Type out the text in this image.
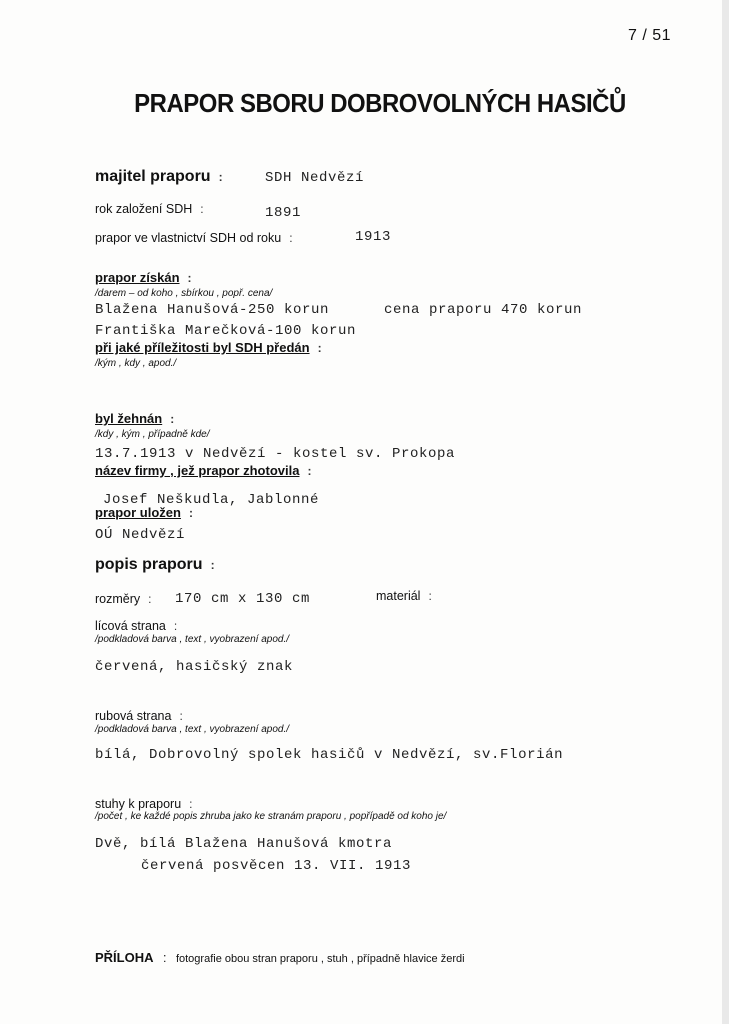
7 / 51
PRAPOR SBORU DOBROVOLNÝCH HASIČŮ
majitel praporu :	SDH Nedvězí
rok založení SDH :	1891
prapor ve vlastnictví SDH od roku :	1913
prapor získán :
/darem – od koho , sbírkou , popř. cena/
Blažena Hanušová-250 korun	cena praporu 470 korun
Františka Marečková-100 korun
při jaké příležitosti byl SDH předán :
/kým , kdy , apod./
byl žehnán :
/kdy , kým , případně kde/
13.7.1913 v Nedvězí - kostel sv. Prokopa
název firmy , jež prapor zhotovila :
Josef Neškudla, Jablonné
prapor uložen :
OÚ Nedvězí
popis praporu :
rozměry : 170 cm x 130 cm	materiál :
lícová strana :
/podkladová barva , text , vyobrazení apod./
červená, hasičský znak
rubová strana :
/podkladová barva , text , vyobrazení apod./
bílá, Dobrovolný spolek hasičů v Nedvězí, sv.Florián
stuhy k praporu :
/počet , ke každé popis zhruba jako ke stranám praporu , popřípadě od koho je/
Dvě, bílá Blažena Hanušová kmotra
červená posvěcen 13. VII. 1913
PŘÍLOHA : fotografie obou stran praporu , stuh , případně hlavice žerdi
